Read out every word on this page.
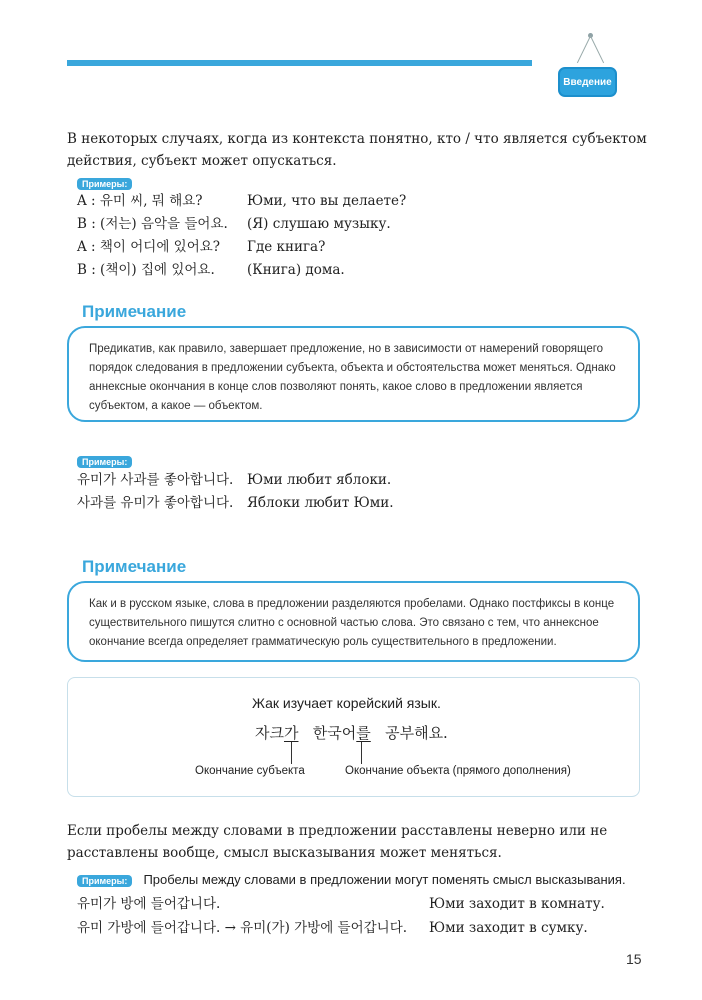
Введение
В некоторых случаях, когда из контекста понятно, кто / что является субъектом действия, субъект может опускаться.
Примеры:
A : 유미 씨, 뭐 해요?	Юми, что вы делаете?
B : (저는) 음악을 들어요. (Я) слушаю музыку.
A : 책이 어디에 있어요? Где книга?
B : (책이) 집에 있어요. (Книга) дома.
Примечание
Предикатив, как правило, завершает предложение, но в зависимости от намерений говорящего порядок следования в предложении субъекта, объекта и обстоятельства может меняться. Однако аннексные окончания в конце слов позволяют понять, какое слово в предложении является субъектом, а какое — объектом.
Примеры:
유미가 사과를 좋아합니다. Юми любит яблоки.
사과를 유미가 좋아합니다. Яблоки любит Юми.
Примечание
Как и в русском языке, слова в предложении разделяются пробелами. Однако постфиксы в конце существительного пишутся слитно с основной частью слова. Это связано с тем, что аннексное окончание всегда определяет грамматическую роль существительного в предложении.
Жак изучает корейский язык.
자크가 한국어를 공부해요.
Окончание субъекта	Окончание объекта (прямого дополнения)
Если пробелы между словами в предложении расставлены неверно или не расставлены вообще, смысл высказывания может меняться.
Примеры: Пробелы между словами в предложении могут поменять смысл высказывания.
유미가 방에 들어갑니다.	Юми заходит в комнату.
유미 가방에 들어갑니다. → 유미(가) 가방에 들어갑니다. Юми заходит в сумку.
15
